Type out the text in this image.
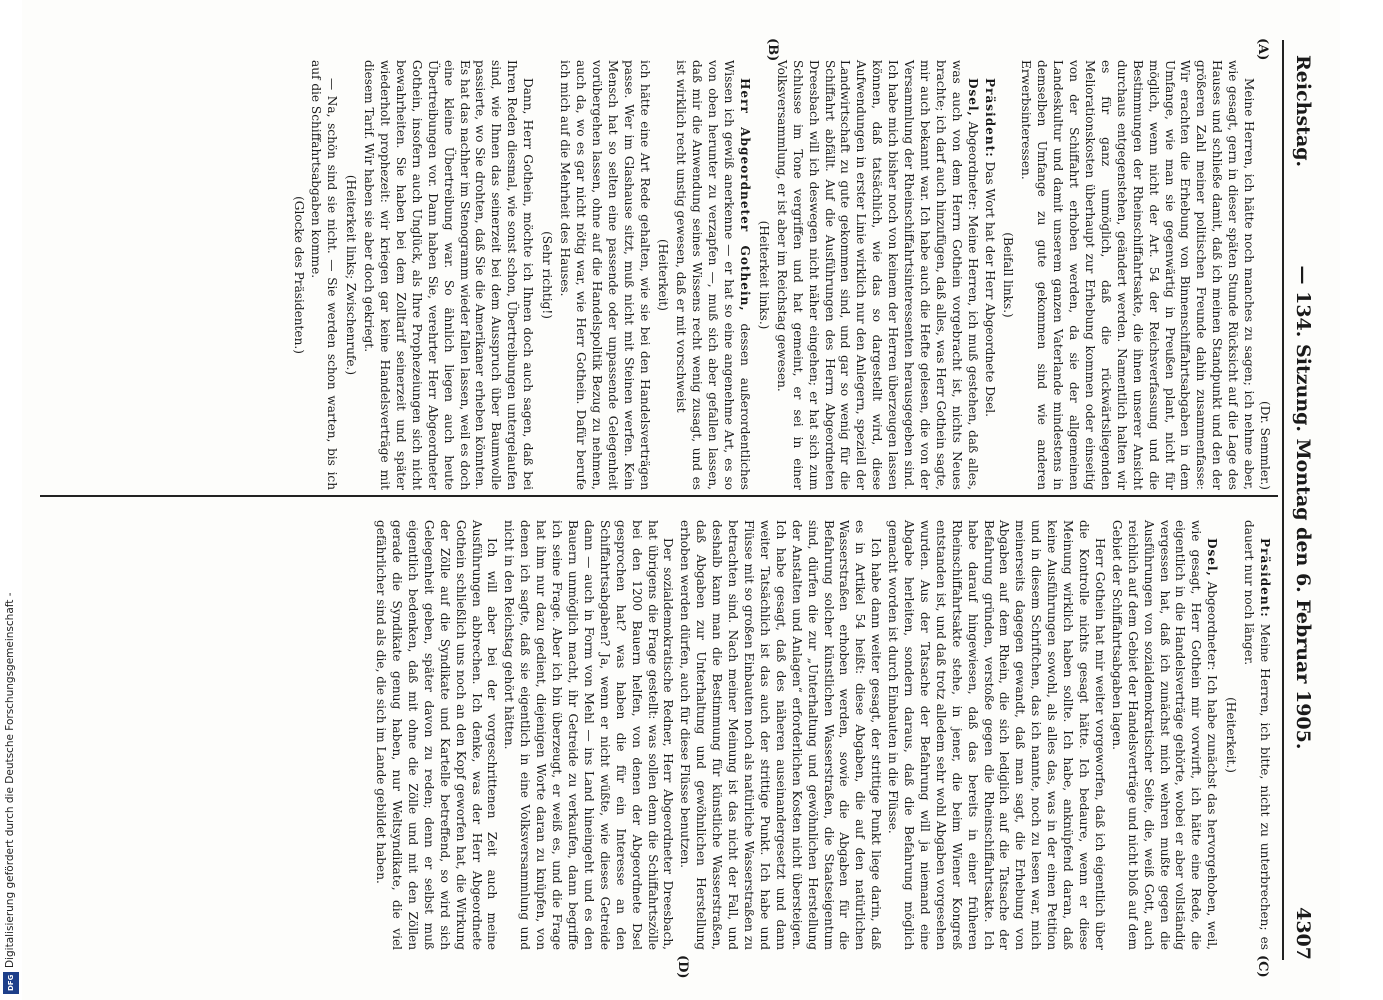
Reichstag.
— 134. Sitzung. Montag den 6. Februar 1905.
4307
(A)
(B)
(C)
(D)
(Dr. Semmler.)

Meine Herren, ich hätte noch manches zu sagen; ich nehme aber, wie gesagt, gern in dieser späten Stunde Rücksicht auf die Lage des Hauses und schließe damit, daß ich meinen Standpunkt und den der größeren Zahl meiner politischen Freunde dahin zusammenfasse: Wir erachten die Erhebung von Binnenschiffahrtsabgaben in dem Umfange, wie man sie gegenwärtig in Preußen plant, nicht für möglich, wenn nicht der Art. 54 der Reichsverfassung und die Bestimmungen der Rheinschiffahrtsakte, die ihnen unserer Ansicht durchaus entgegenstehen, geändert werden. Namentlich halten wir es für ganz unmöglich, daß die rückwärtsliegenden Meliorationskosten überhaupt zur Erhebung kommen oder einseitig von der Schiffahrt erhoben werden, da sie der allgemeinen Landeskultur und damit unserem ganzen Vaterlande mindestens in demselben Umfange zu gute gekommen sind wie anderen Erwerbsinteressen.

(Beifall links.)

Präsident: Das Wort hat der Herr Abgeordnete Dsel.

Dsel, Abgeordneter: Meine Herren, ich muß gestehen, daß alles, was auch von dem Herrn Gothein vorgebracht ist, nichts Neues brachte; ich darf auch hinzufügen, daß alles, was Herr Gothein sagte, mir auch bekannt war. Ich habe auch die Hefte gelesen, die von der Versammlung der Rheinschiffahrtsinteressenten herausgegeben sind. Ich habe mich bisher noch von keinem der Herren überzeugen lassen können, daß tatsächlich, wie das so dargestellt wird, diese Aufwendungen in erster Linie wirklich nur den Anlegern, speziell der Landwirtschaft zu gute gekommen sind, und gar so wenig für die Schiffahrt abfällt. Auf die Ausführungen des Herrn Abgeordneten Dreesbach will ich deswegen nicht näher eingehen; er hat sich zum Schlusse im Tone vergriffen und hat gemeint, er sei in einer Volksversammlung, er ist aber im Reichstag gewesen.

(Heiterkeit links.)

Herr Abgeordneter Gothein, dessen außerordentliches Wissen ich gewiß anerkenne — er hat so eine angenehme Art, es so von oben herunter zu verzapfen —, muß sich aber gefallen lassen, daß mir die Anwendung seines Wissens recht wenig zusagt, und es ist wirklich recht unstig gewesen, daß er mit vorschweist

(Heiterkeit)

ich hätte eine Art Rede gehalten, wie sie bei den Handelsverträgen passe. Wer im Glashause sitzt, muß nicht mit Steinen werfen. Kein Mensch hat so selten eine passende oder unpassende Gelegenheit vorübergehen lassen, ohne auf die Handelspolitik Bezug zu nehmen, auch da, wo es gar nicht nötig war, wie Herr Gothein. Dafür berufe ich mich auf die Mehrheit des Hauses.

(Sehr richtig!)

Dann, Herr Gothein, möchte ich Ihnen doch auch sagen, daß bei Ihren Reden diesmal, wie sonst schon, Übertreibungen untergelaufen sind, wie Ihnen das seinerzeit bei dem Ausspruch über Baumwolle passierte, wo Sie drohten, daß Sie die Amerikaner erheben könnten. Es hat das nachher im Stenogramm wieder fallen lassen, weil es doch eine kleine Übertreibung war. So ähnlich liegen auch heute Übertreibungen vor. Dann haben Sie, verehrter Herr Abgeordneter Gothein, insofern auch Unglück, als Ihre Prophezeiungen sich nicht bewahrheiten. Sie haben bei dem Zolltarif seinerzeit und später wiederholt prophezeit: wir kriegen gar keine Handelsverträge mit diesem Tarif. Wir haben sie aber doch gekriegt.

(Heiterkeit links; Zwischenrufe.)

— Na, schön sind sie nicht. — Sie werden schon warten, bis ich auf die Schiffahrtsabgaben komme.

(Glocke des Präsidenten.)

Präsident: Meine Herren, ich bitte, nicht zu unterbrechen; es dauert nur noch länger.

(Heiterkeit.)

Dsel, Abgeordneter: Ich habe zunächst das hervorgehoben, weil, wie gesagt, Herr Gothein mir vorwirft, ich hätte eine Rede, die eigentlich in die Handelsverträge gehörte, wobei er aber vollständig vergessen hat, daß ich zunächst mich wehren mußte gegen die Ausführungen von sozialdemokratischer Seite, die, weiß Gott, auch reichlich auf dem Gebiet der Handelsverträge und nicht bloß auf dem Gebiet der Schiffahrtsabgaben lagen.

Herr Gothein hat mir weiter vorgeworfen, daß ich eigentlich über die Kontrolle nichts gesagt hätte. Ich bedaure, wenn er diese Meinung wirklich haben sollte. Ich habe, anknüpfend daran, daß keine Ausführungen sowohl, als alles das, was in der einen Petition und in diesem Schriftchen, das ich nannte, noch zu lesen war, mich meinerseits dagegen gewandt, daß man sagt, die Erhebung von Abgaben auf dem Rhein, die sich lediglich auf die Tatsache der Befahrung gründen, verstoße gegen die Rheinschiffahrtsakte. Ich habe darauf hingewiesen, daß das bereits in einer früheren Rheinschiffahrtsakte stehe, in jener, die beim Wiener Kongreß entstanden ist, und daß trotz alledem sehr wohl Abgaben vorgesehen wurden. Aus der Tatsache der Befahrung will ja niemand eine Abgabe herleiten, sondern daraus, daß die Befahrung möglich gemacht worden ist durch Einbauten in die Flüsse.

Ich habe dann weiter gesagt, der strittige Punkt liege darin, daß es in Artikel 54 heißt: diese Abgaben, die auf den natürlichen Wasserstraßen erhoben werden, sowie die Abgaben für die Befahrung solcher künstlichen Wasserstraßen, die Staatseigentum sind, dürfen die zur „Unterhaltung und gewöhnlichen Herstellung der Anstalten und Anlagen“ erforderlichen Kosten nicht übersteigen. Ich habe gesagt, daß des näheren auseinandergesetzt und dann weiter Tatsächlich ist das auch der strittige Punkt. Ich habe und Flüsse mit so großen Einbauten noch als natürliche Wasserstraßen zu betrachten sind. Nach meiner Meinung ist das nicht der Fall, und deshalb kann man die Bestimmung für künstliche Wasserstraßen, daß Abgaben zur Unterhaltung und gewöhnlichen Herstellung erhoben werden dürfen, auch für diese Flüsse benutzen.

Der sozialdemokratische Redner, Herr Abgeordneter Dreesbach, hat übrigens die Frage gestellt: was sollen denn die Schiffahrtszölle bei den 1200 Bauern helfen, von denen der Abgeordnete Dsel gesprochen hat? was haben die für ein Interesse an den Schiffahrtsabgaben? Ja, wenn er nicht wüßte, wie dieses Getreide dann — auch in Form von Mehl — ins Land hineingeht und es den Bauern unmöglich macht, ihr Getreide zu verkaufen, dann begriffe ich seine Frage. Aber ich bin überzeugt, er weiß es, und die Frage hat ihm nur dazu gedient, diejenigen Worte daran zu knüpfen, von denen ich sagte, daß sie eigentlich in eine Volksversammlung und nicht in den Reichstag gehört hätten.

Ich will aber bei der vorgeschrittenen Zeit auch meine Ausführungen abbrechen. Ich denke, was der Herr Abgeordnete Gothein schließlich uns noch an den Kopf geworfen hat, die Wirkung der Zölle auf die Syndikate und Kartelle betreffend, so wird sich Gelegenheit geben, später davon zu reden; denn er selbst muß eigentlich bedenken, daß mit ohne die Zölle und mit den Zöllen gerade die Syndikate genug haben, nur Weltsyndikate, die viel gefährlicher sind als die, die sich im Lande gebildet haben.

Digitalisierung gefördert durch die Deutsche Forschungsgemeinschaft -
DFG
